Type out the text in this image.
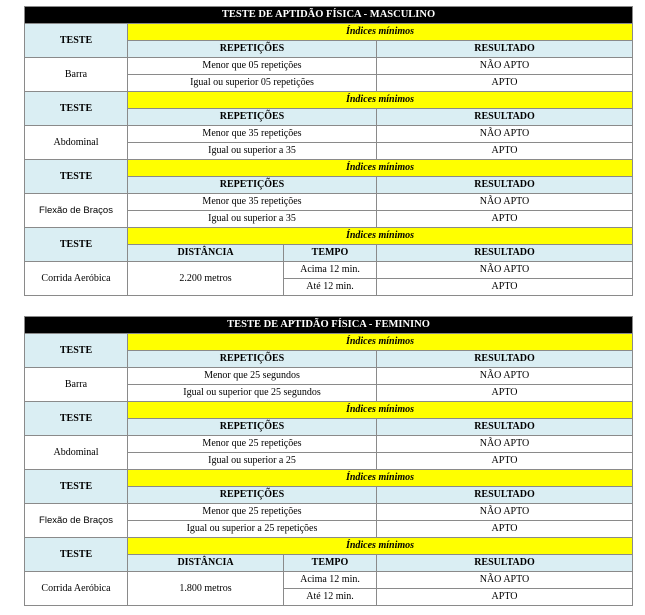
TESTE DE APTIDÃO FÍSICA - MASCULINO			
TESTE	Índices mínimos		
	REPETIÇÕES		RESULTADO
Barra	Menor que 05 repetições		NÃO APTO
	Igual ou superior 05 repetições		APTO
TESTE	Índices mínimos		
	REPETIÇÕES		RESULTADO
Abdominal	Menor que 35 repetições		NÃO APTO
	Igual ou superior a 35		APTO
TESTE	Índices mínimos		
	REPETIÇÕES		RESULTADO
Flexão de Braços	Menor que 35 repetições		NÃO APTO
	Igual ou superior a 35		APTO
TESTE	Índices mínimos		
	DISTÂNCIA	TEMPO	RESULTADO
Corrida Aeróbica	2.200 metros	Acima 12 min.	NÃO APTO
		Até 12 min.	APTO
TESTE DE APTIDÃO FÍSICA - FEMININO			
TESTE	Índices mínimos		
	REPETIÇÕES		RESULTADO
Barra	Menor que 25 segundos		NÃO APTO
	Igual ou superior que 25 segundos		APTO
TESTE	Índices mínimos		
	REPETIÇÕES		RESULTADO
Abdominal	Menor que 25 repetições		NÃO APTO
	Igual ou superior a 25		APTO
TESTE	Índices mínimos		
	REPETIÇÕES		RESULTADO
Flexão de Braços	Menor que 25 repetições		NÃO APTO
	Igual ou superior a 25 repetições		APTO
TESTE	Índices mínimos		
	DISTÂNCIA	TEMPO	RESULTADO
Corrida Aeróbica	1.800 metros	Acima 12 min.	NÃO APTO
		Até 12 min.	APTO
